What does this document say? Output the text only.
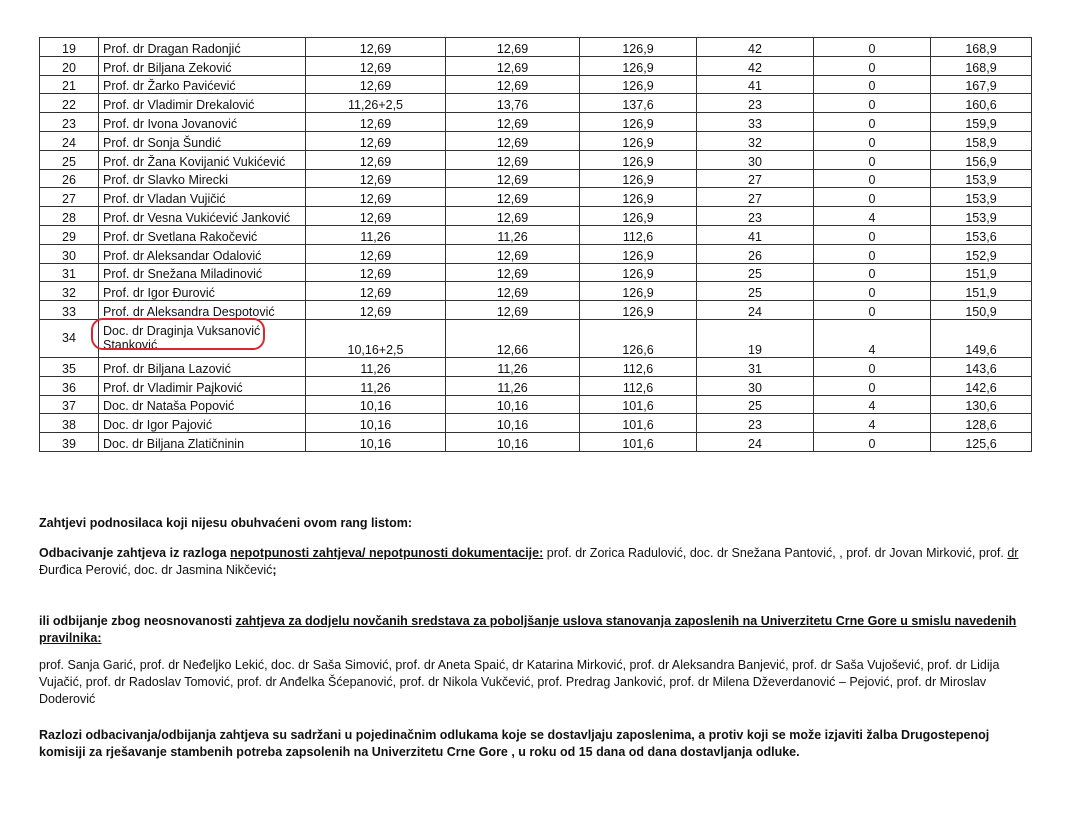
19	Prof. dr Dragan Radonjić	12,69	12,69	126,9	42	0	168,9
20	Prof. dr Biljana Zeković	12,69	12,69	126,9	42	0	168,9
21	Prof. dr Žarko Pavićević	12,69	12,69	126,9	41	0	167,9
22	Prof. dr Vladimir Drekalović	11,26+2,5	13,76	137,6	23	0	160,6
23	Prof. dr Ivona Jovanović	12,69	12,69	126,9	33	0	159,9
24	Prof. dr Sonja Šundić	12,69	12,69	126,9	32	0	158,9
25	Prof. dr Žana Kovijanić Vukićević	12,69	12,69	126,9	30	0	156,9
26	Prof. dr Slavko Mirecki	12,69	12,69	126,9	27	0	153,9
27	Prof. dr Vladan Vujičić	12,69	12,69	126,9	27	0	153,9
28	Prof. dr Vesna Vukićević Janković	12,69	12,69	126,9	23	4	153,9
29	Prof. dr Svetlana Rakočević	11,26	11,26	112,6	41	0	153,6
30	Prof. dr Aleksandar Odalović	12,69	12,69	126,9	26	0	152,9
31	Prof. dr Snežana Miladinović	12,69	12,69	126,9	25	0	151,9
32	Prof. dr Igor Đurović	12,69	12,69	126,9	25	0	151,9
33	Prof. dr Aleksandra Despotović	12,69	12,69	126,9	24	0	150,9
34	Doc. dr Draginja Vuksanović Stanković	10,16+2,5	12,66	126,6	19	4	149,6
35	Prof. dr Biljana Lazović	11,26	11,26	112,6	31	0	143,6
36	Prof. dr Vladimir Pajković	11,26	11,26	112,6	30	0	142,6
37	Doc. dr Nataša Popović	10,16	10,16	101,6	25	4	130,6
38	Doc. dr Igor Pajović	10,16	10,16	101,6	23	4	128,6
39	Doc. dr Biljana Zlatičninin	10,16	10,16	101,6	24	0	125,6
Zahtjevi podnosilaca koji nijesu obuhvaćeni ovom rang listom:
Odbacivanje zahtjeva iz razloga nepotpunosti zahtjeva/ nepotpunosti dokumentacije: prof. dr Zorica Radulović, doc. dr Snežana Pantović, , prof. dr Jovan Mirković, prof. dr Đurđica Perović, doc. dr Jasmina Nikčević;
ili odbijanje zbog neosnovanosti zahtjeva za dodjelu novčanih sredstava za poboljšanje uslova stanovanja zaposlenih na Univerzitetu Crne Gore u smislu navedenih pravilnika:
prof. Sanja Garić, prof. dr Neđeljko Lekić, doc. dr Saša Simović, prof. dr Aneta Spaić, dr Katarina Mirković, prof. dr Aleksandra Banjević, prof. dr Saša Vujošević, prof. dr Lidija Vujačić, prof. dr Radoslav Tomović, prof. dr Anđelka Šćepanović, prof. dr Nikola Vukčević, prof. Predrag Janković, prof. dr Milena Dževerdanović – Pejović, prof. dr Miroslav Doderović
Razlozi odbacivanja/odbijanja zahtjeva su sadržani u pojedinačnim odlukama koje se dostavljaju zaposlenima, a protiv koji se može izjaviti žalba Drugostepenoj komisiji za rješavanje stambenih potreba zapsolenih na Univerzitetu Crne Gore , u roku od 15 dana od dana dostavljanja odluke.
